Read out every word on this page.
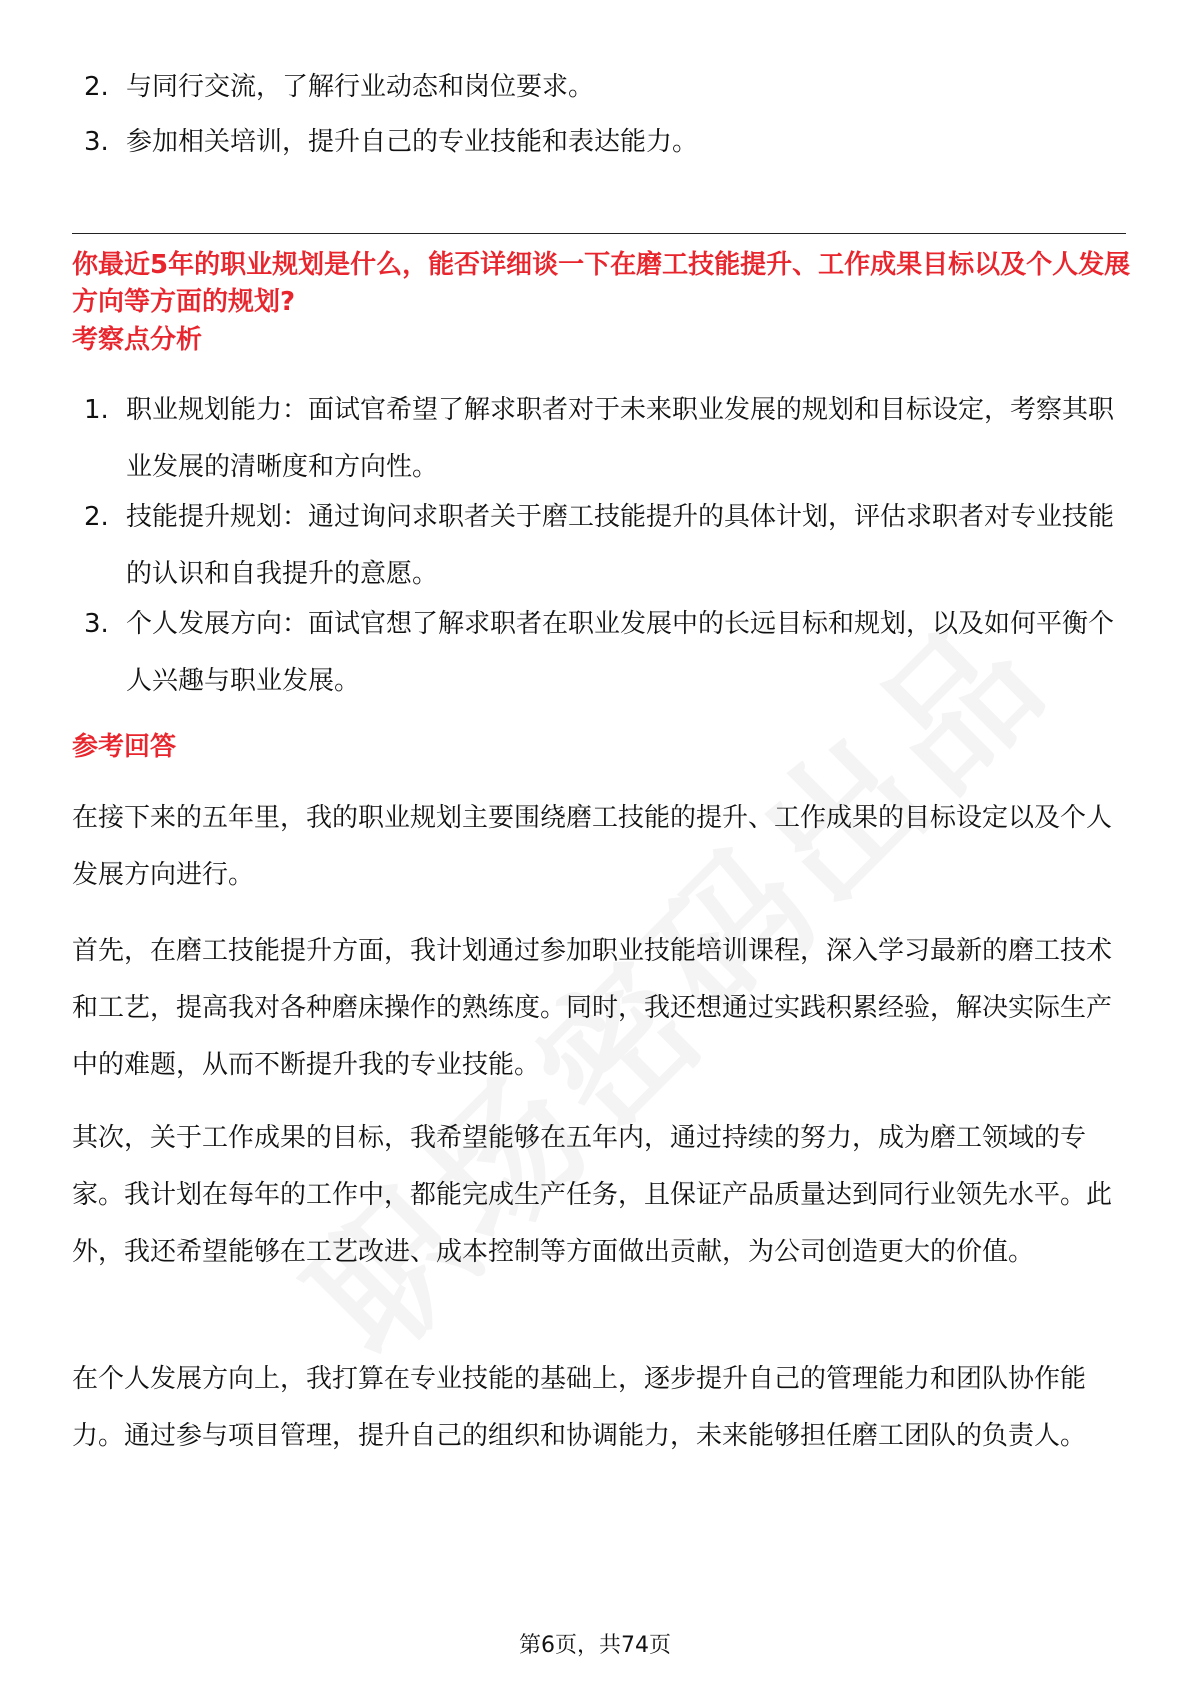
2. 与同行交流，了解行业动态和岗位要求。
3. 参加相关培训，提升自己的专业技能和表达能力。
你最近5年的职业规划是什么，能否详细谈一下在磨工技能提升、工作成果目标以及个人发展方向等方面的规划?
考察点分析
1. 职业规划能力：面试官希望了解求职者对于未来职业发展的规划和目标设定，考察其职业发展的清晰度和方向性。
2. 技能提升规划：通过询问求职者关于磨工技能提升的具体计划，评估求职者对专业技能的认识和自我提升的意愿。
3. 个人发展方向：面试官想了解求职者在职业发展中的长远目标和规划，以及如何平衡个人兴趣与职业发展。
参考回答
在接下来的五年里，我的职业规划主要围绕磨工技能的提升、工作成果的目标设定以及个人发展方向进行。
首先，在磨工技能提升方面，我计划通过参加职业技能培训课程，深入学习最新的磨工技术和工艺，提高我对各种磨床操作的熟练度。同时，我还想通过实践积累经验，解决实际生产中的难题，从而不断提升我的专业技能。
其次，关于工作成果的目标，我希望能够在五年内，通过持续的努力，成为磨工领域的专家。我计划在每年的工作中，都能完成生产任务，且保证产品质量达到同行业领先水平。此外，我还希望能够在工艺改进、成本控制等方面做出贡献，为公司创造更大的价值。
在个人发展方向上，我打算在专业技能的基础上，逐步提升自己的管理能力和团队协作能力。通过参与项目管理，提升自己的组织和协调能力，未来能够担任磨工团队的负责人。
第6页，共74页
